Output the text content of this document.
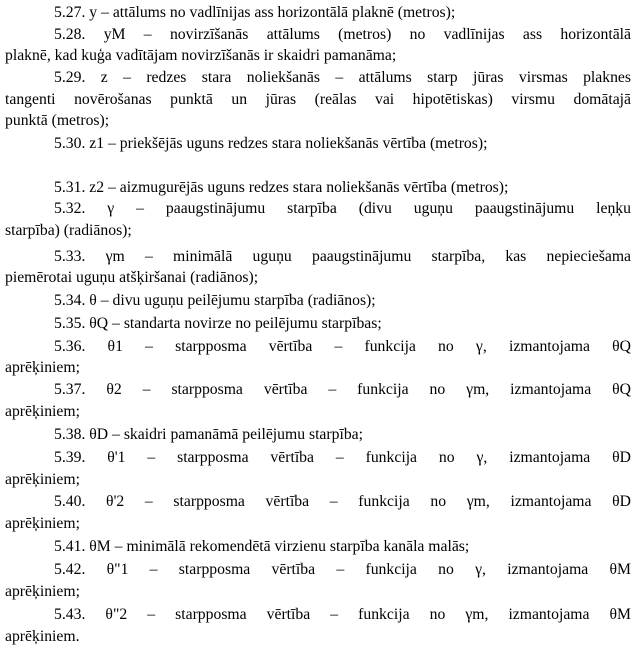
5.27. y – attālums no vadlīnijas ass horizontālā plaknē (metros);
5.28. yM – novirzīšanās attālums (metros) no vadlīnijas ass horizontālā
plaknē, kad kuģa vadītājam novirzīšanās ir skaidri pamanāma;
5.29. z – redzes stara noliekšanās – attālums starp jūras virsmas plaknes
tangenti novērošanas punktā un jūras (reālas vai hipotētiskas) virsmu domātajā
punktā (metros);
5.30. z1 – priekšējās uguns redzes stara noliekšanās vērtība (metros);
5.31. z2 – aizmugurējās uguns redzes stara noliekšanās vērtība (metros);
5.32. γ – paaugstinājumu starpība (divu uguņu paaugstinājumu leņķu
starpība) (radiānos);
5.33. γm – minimālā uguņu paaugstinājumu starpība, kas nepieciešama
piemērotai uguņu atšķiršanai (radiānos);
5.34. θ – divu uguņu peilējumu starpība (radiānos);
5.35. θQ – standarta novirze no peilējumu starpības;
5.36. θ1 – starpposma vērtība – funkcija no γ, izmantojama θQ
aprēķiniem;
5.37. θ2 – starpposma vērtība – funkcija no γm, izmantojama θQ
aprēķiniem;
5.38. θD – skaidri pamanāmā peilējumu starpība;
5.39. θ'1 – starpposma vērtība – funkcija no γ, izmantojama θD
aprēķiniem;
5.40. θ'2 – starpposma vērtība – funkcija no γm, izmantojama θD
aprēķiniem;
5.41. θM – minimālā rekomendētā virzienu starpība kanāla malās;
5.42. θ"1 – starpposma vērtība – funkcija no γ, izmantojama θM
aprēķiniem;
5.43. θ"2 – starpposma vērtība – funkcija no γm, izmantojama θM
aprēķiniem.
